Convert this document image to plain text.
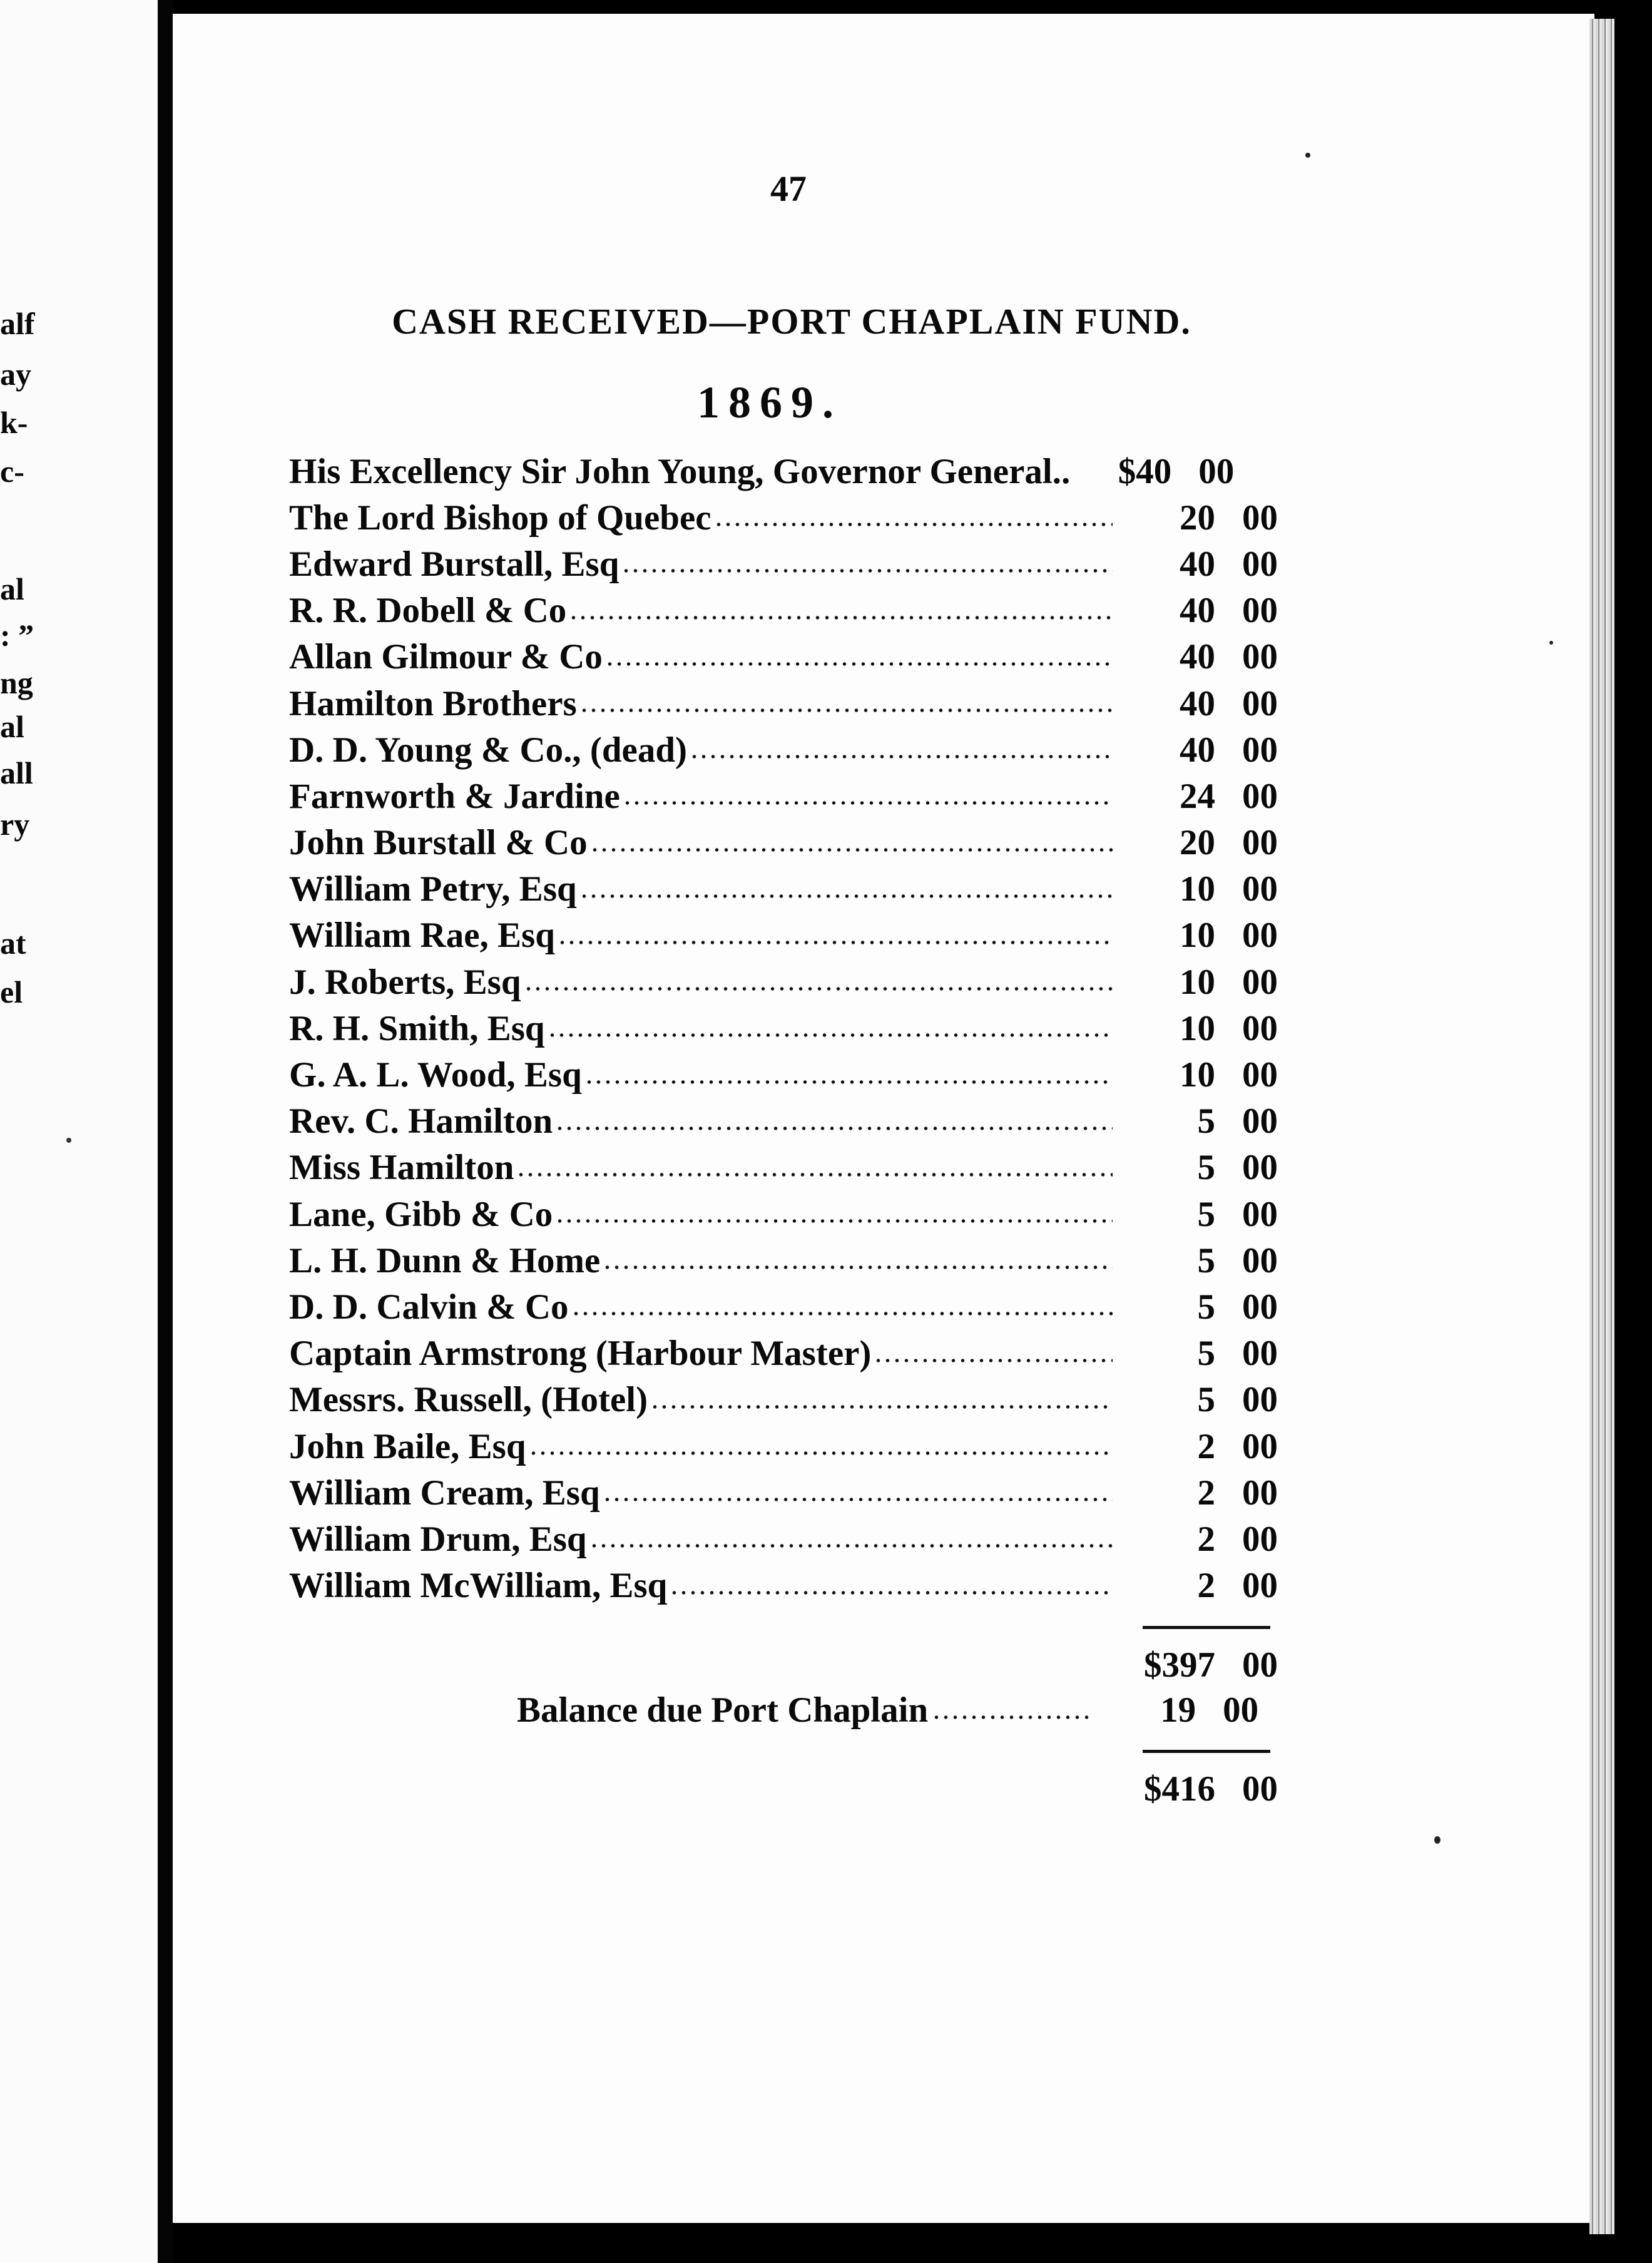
alf
ay
k-
c-
al
: ”
ng
al
all
ry
at
el
47
CASH RECEIVED—PORT CHAPLAIN FUND.
1869.
His Excellency Sir John Young, Governor General..	$40 00
The Lord Bishop of Quebec	20 00
Edward Burstall, Esq	40 00
R. R. Dobell & Co	40 00
Allan Gilmour & Co	40 00
Hamilton Brothers	40 00
D. D. Young & Co., (dead)	40 00
Farnworth & Jardine	24 00
John Burstall & Co	20 00
William Petry, Esq	10 00
William Rae, Esq	10 00
J. Roberts, Esq	10 00
R. H. Smith, Esq	10 00
G. A. L. Wood, Esq	10 00
Rev. C. Hamilton	5 00
Miss Hamilton	5 00
Lane, Gibb & Co	5 00
L. H. Dunn & Home	5 00
D. D. Calvin & Co	5 00
Captain Armstrong (Harbour Master)	5 00
Messrs. Russell, (Hotel)	5 00
John Baile, Esq	2 00
William Cream, Esq	2 00
William Drum, Esq	2 00
William McWilliam, Esq	2 00
$397 00
Balance due Port Chaplain	19 00
$416 00
